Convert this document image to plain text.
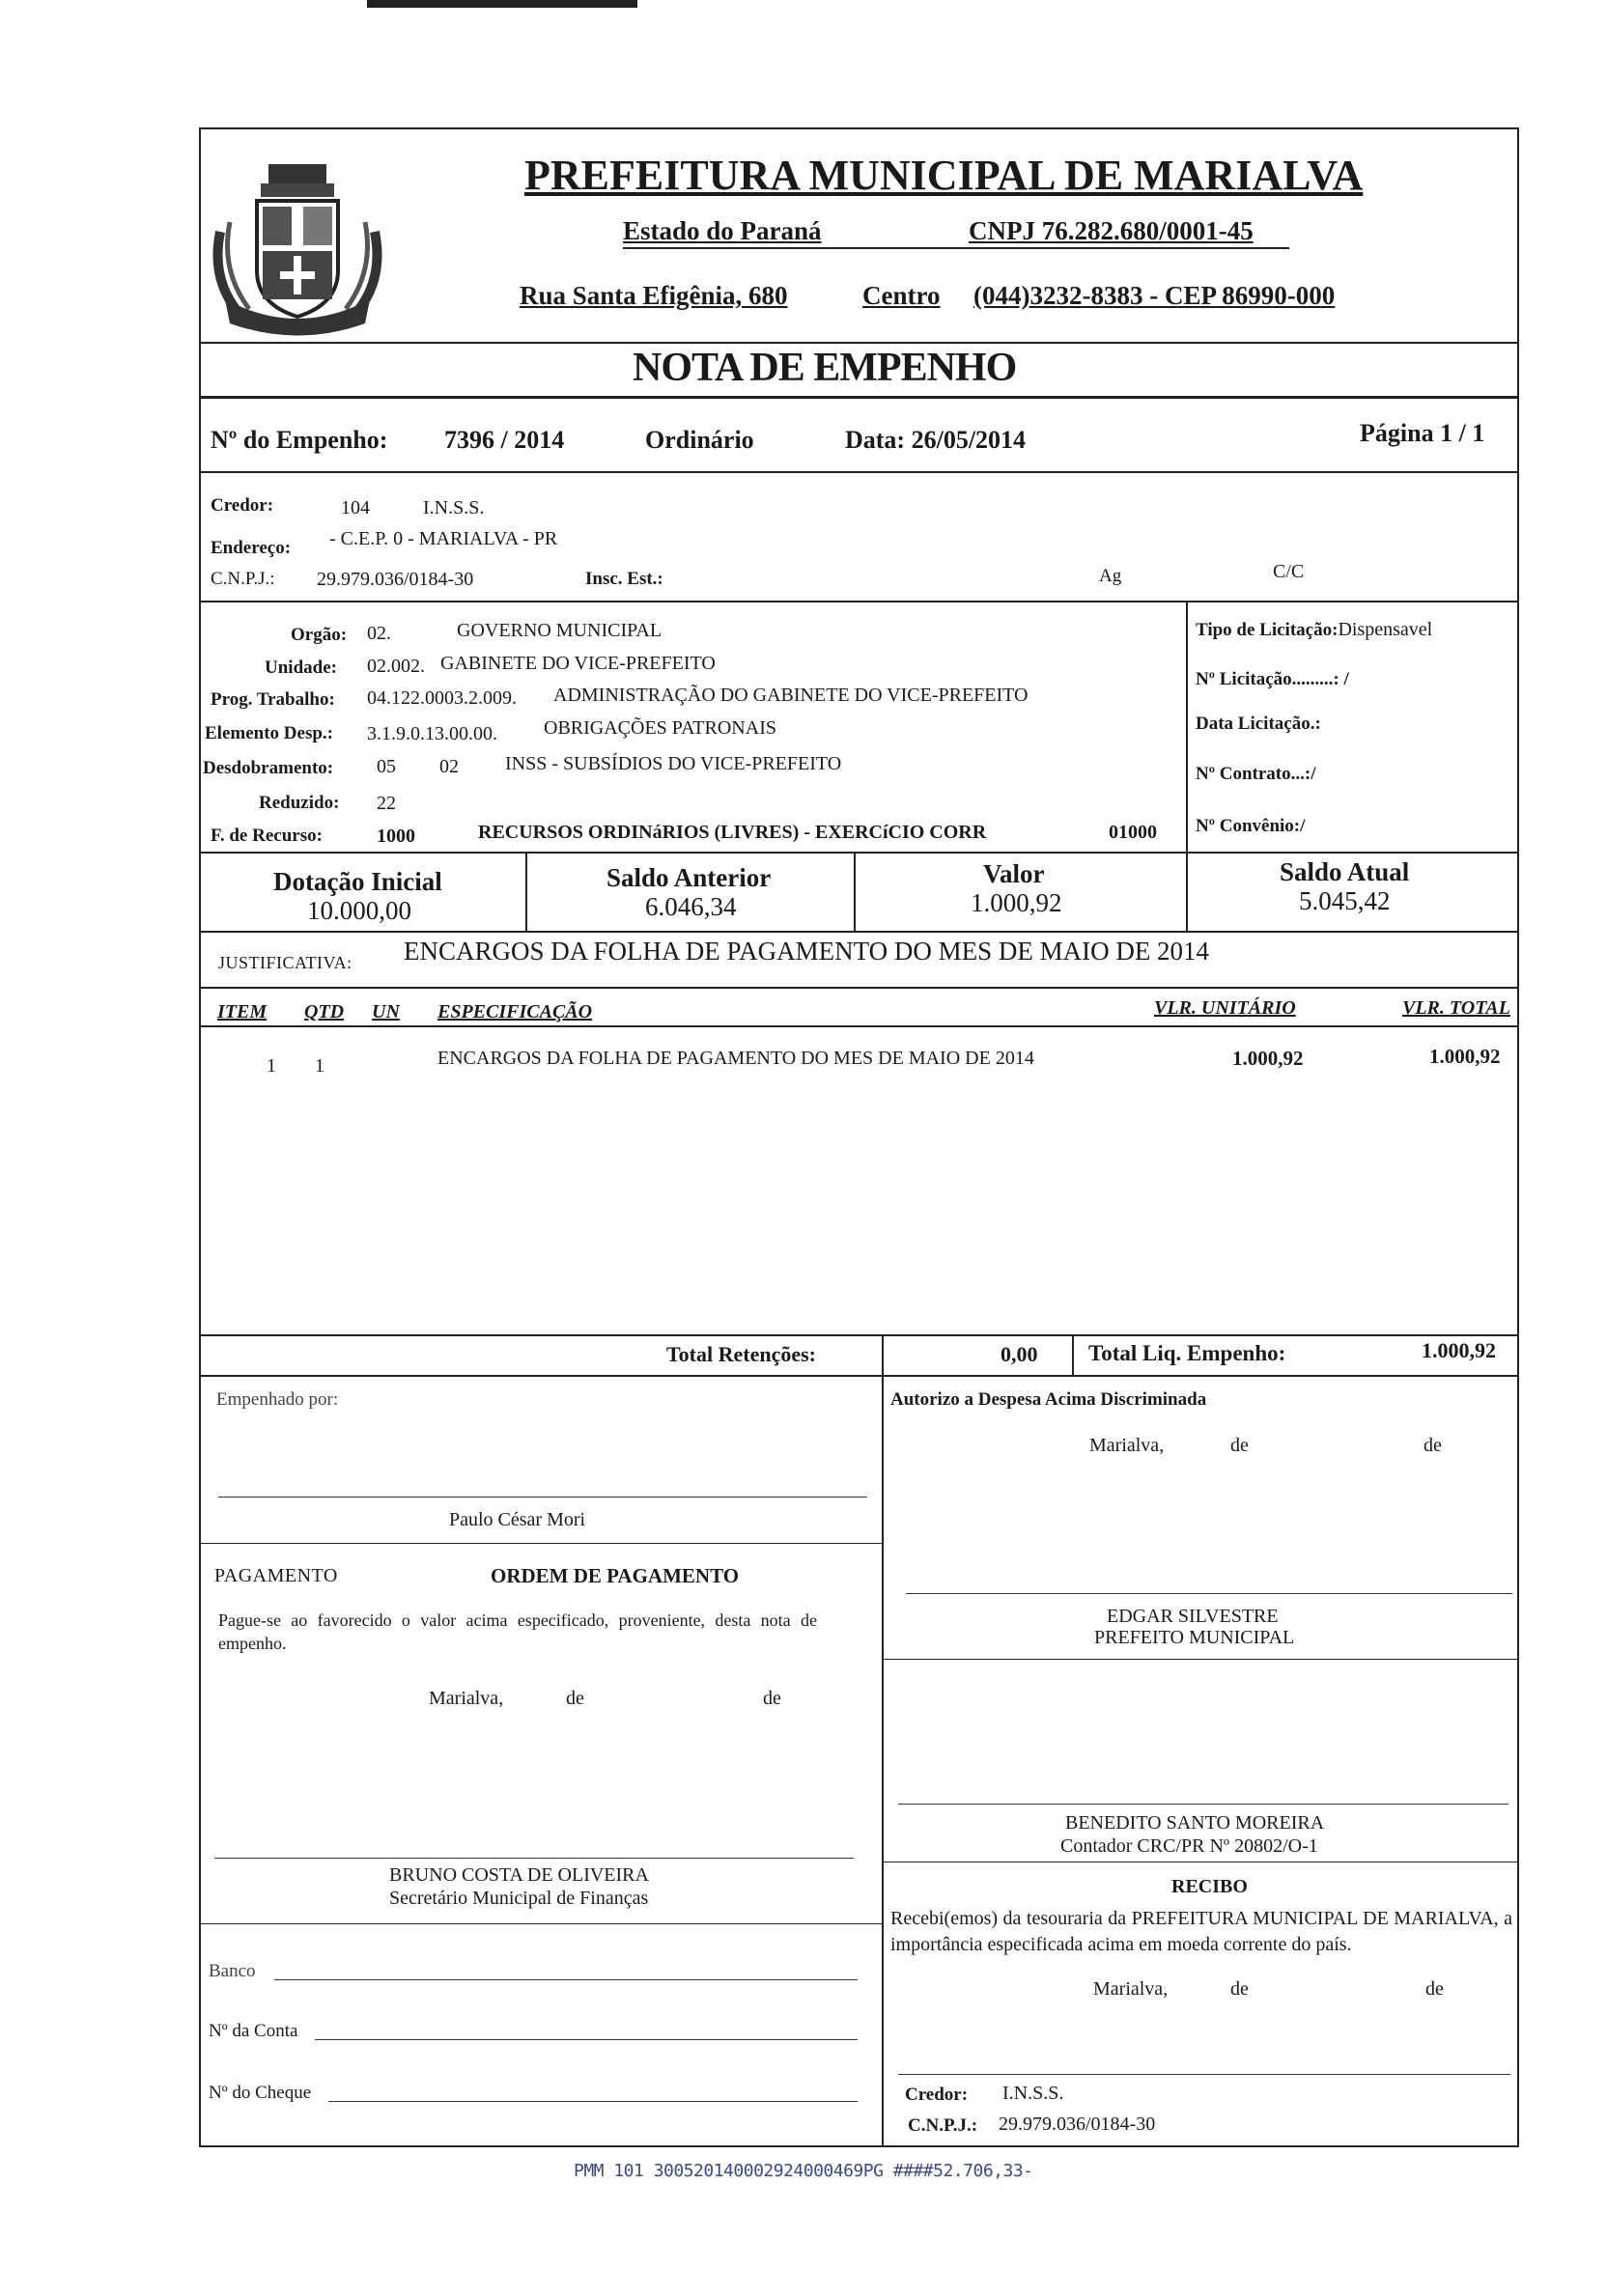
PREFEITURA MUNICIPAL DE MARIALVA
Estado do Paraná	CNPJ 76.282.680/0001-45
Rua Santa Efigênia, 680	Centro (044)3232-8383 - CEP 86990-000
NOTA DE EMPENHO
Nº do Empenho: 7396 / 2014	Ordinário	Data: 26/05/2014	Página 1 / 1
Credor:	104	I.N.S.S.
Endereço: - C.E.P. 0 - MARIALVA - PR
C.N.P.J.: 29.979.036/0184-30	Insc. Est.:	Ag	C/C
Orgão: 02.	GOVERNO MUNICIPAL
Unidade: 02.002. GABINETE DO VICE-PREFEITO
Prog. Trabalho: 04.122.0003.2.009. ADMINISTRAÇÃO DO GABINETE DO VICE-PREFEITO
Elemento Desp.: 3.1.9.0.13.00.00. OBRIGAÇÕES PATRONAIS
Desdobramento: 05 02 INSS - SUBSÍDIOS DO VICE-PREFEITO
Reduzido: 22
F. de Recurso:	1000	RECURSOS ORDINáRIOS (LIVRES) - EXERCíCIO CORR	01000
Tipo de Licitação:Dispensavel
Nº Licitação.........: /
Data Licitação.:
Nº Contrato...:/
Nº Convênio:/
Dotação Inicial
10.000,00
Saldo Anterior
6.046,34
Valor
1.000,92
Saldo Atual
5.045,42
JUSTIFICATIVA: ENCARGOS DA FOLHA DE PAGAMENTO DO MES DE MAIO DE 2014
ITEM QTD UN ESPECIFICAÇÃO	VLR. UNITÁRIO	VLR. TOTAL
1 1	ENCARGOS DA FOLHA DE PAGAMENTO DO MES DE MAIO DE 2014	1.000,92	1.000,92
Total Retenções:	0,00 Total Liq. Empenho:	1.000,92
Empenhado por:
Paulo César Mori
Autorizo a Despesa Acima Discriminada
Marialva,	de	de
EDGAR SILVESTRE
PREFEITO MUNICIPAL
PAGAMENTO	ORDEM DE PAGAMENTO
Pague-se ao favorecido o valor acima especificado, proveniente, desta nota de empenho.
Marialva,	de	de
BENEDITO SANTO MOREIRA
Contador CRC/PR Nº 20802/O-1
BRUNO COSTA DE OLIVEIRA
Secretário Municipal de Finanças
RECIBO
Recebi(emos) da tesouraria da PREFEITURA MUNICIPAL DE MARIALVA, a importância especificada acima em moeda corrente do país.
Marialva,	de	de
Banco
Nº da Conta
Nº do Cheque	Credor: I.N.S.S.
C.N.P.J.: 29.979.036/0184-30
PMM 101 300520140002924000469PG ####52.706,33-
